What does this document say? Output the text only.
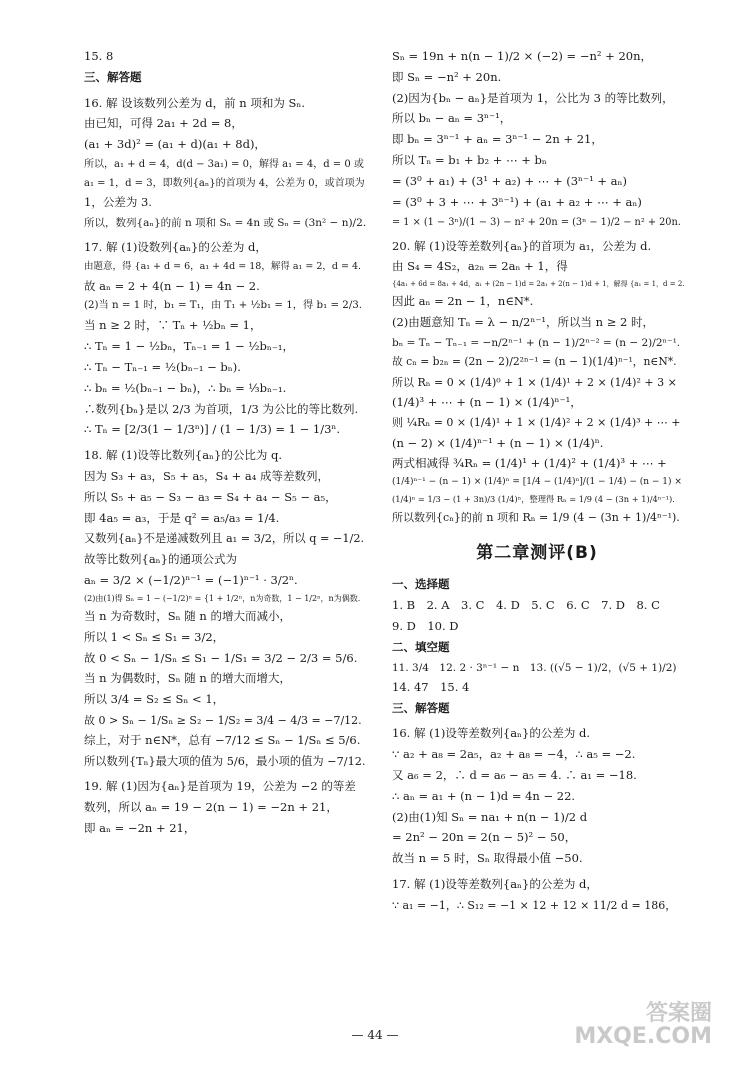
15. 8
三、解答题
16. 解 设该数列公差为 d，前 n 项和为 Sₙ.
由已知，可得 2a₁ + 2d = 8，
(a₁ + 3d)² = (a₁ + d)(a₁ + 8d)，
所以，a₁ + d = 4，d(d − 3a₁) = 0，解得 a₁ = 4，d = 0 或
a₁ = 1，d = 3，即数列{aₙ}的首项为 4，公差为 0，或首项为
1，公差为 3.
所以，数列{aₙ}的前 n 项和 Sₙ = 4n 或 Sₙ = (3n² − n)/2.
17. 解 (1)设数列{aₙ}的公差为 d，
由题意，得 {a₁ + d = 6，a₁ + 4d = 18，解得 a₁ = 2，d = 4.
故 aₙ = 2 + 4(n − 1) = 4n − 2.
(2)当 n = 1 时，b₁ = T₁，由 T₁ + ½b₁ = 1，得 b₁ = 2/3.
当 n ≥ 2 时，∵ Tₙ + ½bₙ = 1，
∴ Tₙ = 1 − ½bₙ，Tₙ₋₁ = 1 − ½bₙ₋₁，
∴ Tₙ − Tₙ₋₁ = ½(bₙ₋₁ − bₙ).
∴ bₙ = ½(bₙ₋₁ − bₙ)，∴ bₙ = ⅓bₙ₋₁.
∴数列{bₙ}是以 2/3 为首项，1/3 为公比的等比数列.
∴ Tₙ = [2/3(1 − 1/3ⁿ)] / (1 − 1/3) = 1 − 1/3ⁿ.
18. 解 (1)设等比数列{aₙ}的公比为 q.
因为 S₃ + a₃，S₅ + a₅，S₄ + a₄ 成等差数列，
所以 S₅ + a₅ − S₃ − a₃ = S₄ + a₄ − S₅ − a₅，
即 4a₅ = a₃，于是 q² = a₅/a₃ = 1/4.
又数列{aₙ}不是递减数列且 a₁ = 3/2，所以 q = −1/2.
故等比数列{aₙ}的通项公式为
aₙ = 3/2 × (−1/2)ⁿ⁻¹ = (−1)ⁿ⁻¹ · 3/2ⁿ.
(2)由(1)得 Sₙ = 1 − (−1/2)ⁿ = {1 + 1/2ⁿ，n为奇数，1 − 1/2ⁿ，n为偶数.
当 n 为奇数时，Sₙ 随 n 的增大而减小，
所以 1 < Sₙ ≤ S₁ = 3/2，
故 0 < Sₙ − 1/Sₙ ≤ S₁ − 1/S₁ = 3/2 − 2/3 = 5/6.
当 n 为偶数时，Sₙ 随 n 的增大而增大，
所以 3/4 = S₂ ≤ Sₙ < 1，
故 0 > Sₙ − 1/Sₙ ≥ S₂ − 1/S₂ = 3/4 − 4/3 = −7/12.
综上，对于 n∈N*，总有 −7/12 ≤ Sₙ − 1/Sₙ ≤ 5/6.
所以数列{Tₙ}最大项的值为 5/6，最小项的值为 −7/12.
19. 解 (1)因为{aₙ}是首项为 19，公差为 −2 的等差
数列，所以 aₙ = 19 − 2(n − 1) = −2n + 21，
即 aₙ = −2n + 21，
Sₙ = 19n + n(n − 1)/2 × (−2) = −n² + 20n，
即 Sₙ = −n² + 20n.
(2)因为{bₙ − aₙ}是首项为 1，公比为 3 的等比数列，
所以 bₙ − aₙ = 3ⁿ⁻¹，
即 bₙ = 3ⁿ⁻¹ + aₙ = 3ⁿ⁻¹ − 2n + 21，
所以 Tₙ = b₁ + b₂ + ⋯ + bₙ
= (3⁰ + a₁) + (3¹ + a₂) + ⋯ + (3ⁿ⁻¹ + aₙ)
= (3⁰ + 3 + ⋯ + 3ⁿ⁻¹) + (a₁ + a₂ + ⋯ + aₙ)
= 1 × (1 − 3ⁿ)/(1 − 3) − n² + 20n = (3ⁿ − 1)/2 − n² + 20n.
20. 解 (1)设等差数列{aₙ}的首项为 a₁，公差为 d.
由 S₄ = 4S₂，a₂ₙ = 2aₙ + 1，得
{4a₁ + 6d = 8a₁ + 4d，a₁ + (2n − 1)d = 2a₁ + 2(n − 1)d + 1，解得 {a₁ = 1，d = 2.
因此 aₙ = 2n − 1，n∈N*.
(2)由题意知 Tₙ = λ − n/2ⁿ⁻¹，所以当 n ≥ 2 时，
bₙ = Tₙ − Tₙ₋₁ = −n/2ⁿ⁻¹ + (n − 1)/2ⁿ⁻² = (n − 2)/2ⁿ⁻¹.
故 cₙ = b₂ₙ = (2n − 2)/2²ⁿ⁻¹ = (n − 1)(1/4)ⁿ⁻¹，n∈N*.
所以 Rₙ = 0 × (1/4)⁰ + 1 × (1/4)¹ + 2 × (1/4)² + 3 ×
(1/4)³ + ⋯ + (n − 1) × (1/4)ⁿ⁻¹，
则 ¼Rₙ = 0 × (1/4)¹ + 1 × (1/4)² + 2 × (1/4)³ + ⋯ +
(n − 2) × (1/4)ⁿ⁻¹ + (n − 1) × (1/4)ⁿ.
两式相减得 ¾Rₙ = (1/4)¹ + (1/4)² + (1/4)³ + ⋯ +
(1/4)ⁿ⁻¹ − (n − 1) × (1/4)ⁿ = [1/4 − (1/4)ⁿ]/(1 − 1/4) − (n − 1) ×
(1/4)ⁿ = 1/3 − (1 + 3n)/3 (1/4)ⁿ，整理得 Rₙ = 1/9 (4 − (3n + 1)/4ⁿ⁻¹).
所以数列{cₙ}的前 n 项和 Rₙ = 1/9 (4 − (3n + 1)/4ⁿ⁻¹).
第二章测评(B)
一、选择题
1. B　2. A　3. C　4. D　5. C　6. C　7. D　8. C
9. D　10. D
二、填空题
11. 3/4　12. 2 · 3ⁿ⁻¹ − n　13. ((√5 − 1)/2，(√5 + 1)/2)
14. 47　15. 4
三、解答题
16. 解 (1)设等差数列{aₙ}的公差为 d.
∵ a₂ + a₈ = 2a₅，a₂ + a₈ = −4，∴ a₅ = −2.
又 a₆ = 2，∴ d = a₆ − a₅ = 4. ∴ a₁ = −18.
∴ aₙ = a₁ + (n − 1)d = 4n − 22.
(2)由(1)知 Sₙ = na₁ + n(n − 1)/2 d
= 2n² − 20n = 2(n − 5)² − 50，
故当 n = 5 时，Sₙ 取得最小值 −50.
17. 解 (1)设等差数列{aₙ}的公差为 d，
∵ a₁ = −1，∴ S₁₂ = −1 × 12 + 12 × 11/2 d = 186，
答案圈
MXQE.COM
— 44 —
